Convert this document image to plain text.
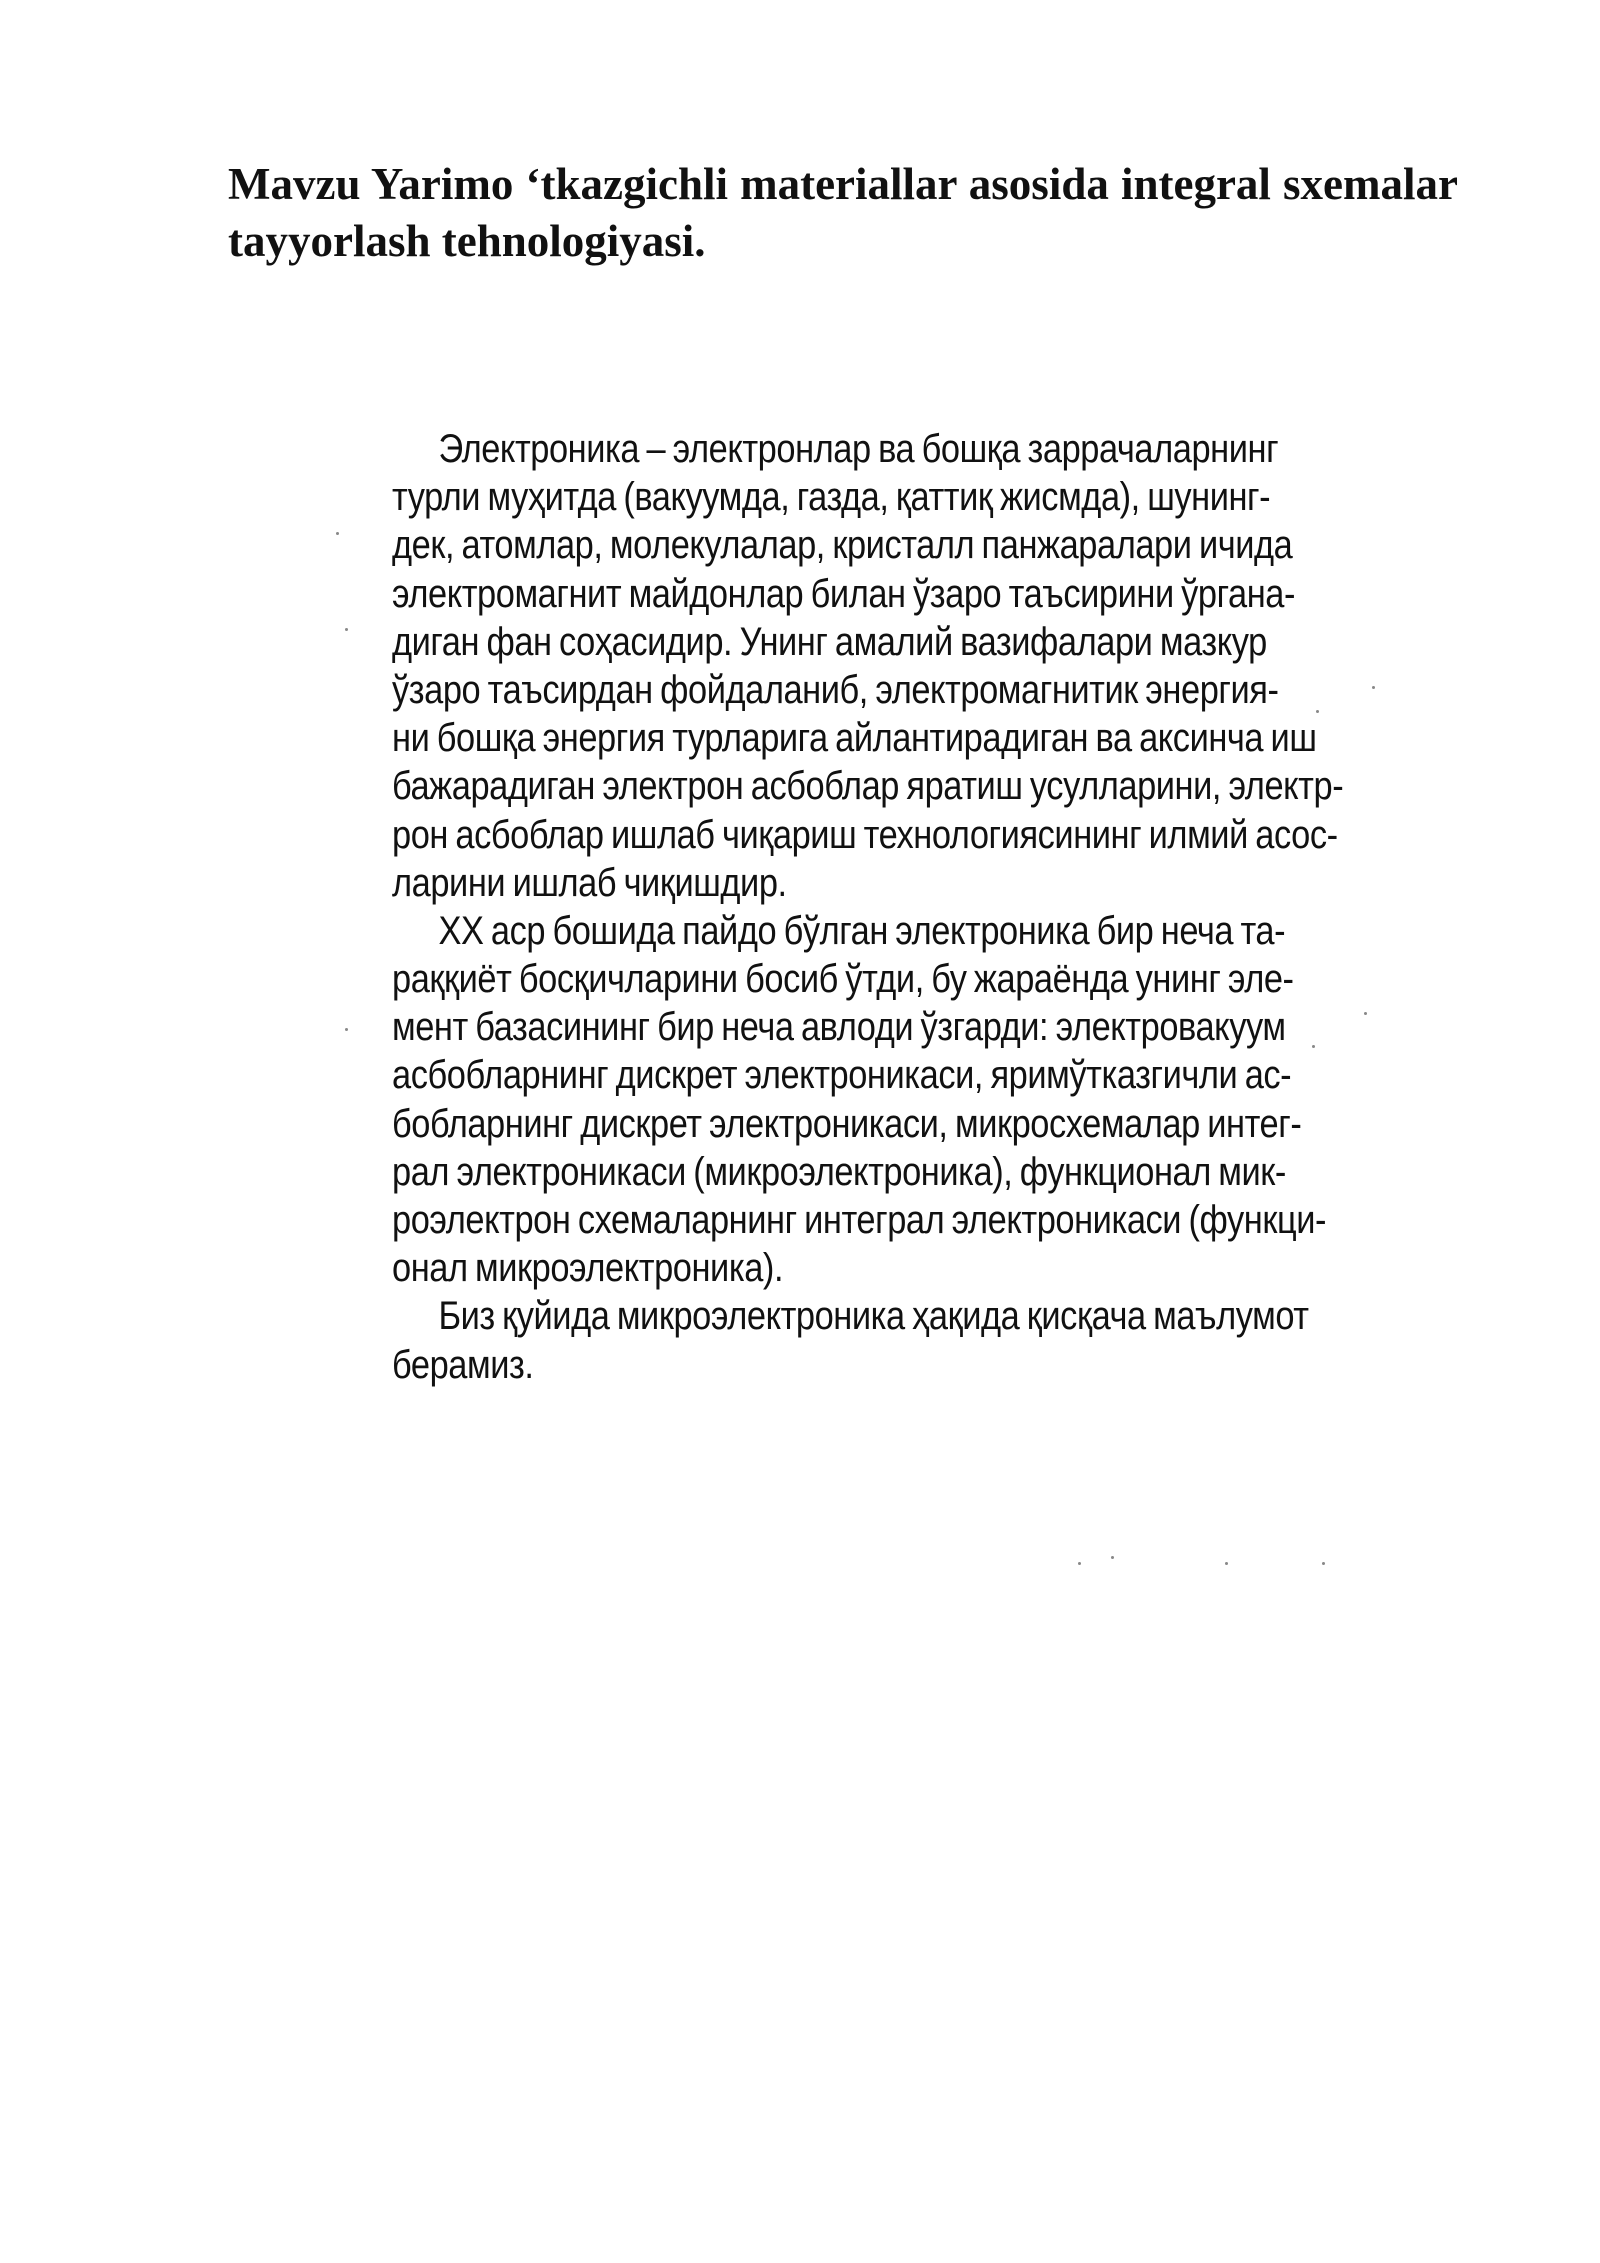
Mavzu Yarimo ‘tkazgichli materiallar asosida integral sxemalar tayyorlash tehnologiyasi.
Электроника – электронлар ва бошқа заррачаларнинг
турли муҳитда (вакуумда, газда, қаттиқ жисмда), шунинг-
дек, атомлар, молекулалар, кристалл панжаралари ичида
электромагнит майдонлар билан ўзаро таъсирини ўргана-
диган фан соҳасидир. Унинг амалий вазифалари мазкур
ўзаро таъсирдан фойдаланиб, электромагнитик энергия-
ни бошқа энергия турларига айлантирадиган ва аксинча иш
бажарадиган электрон асбоблар яратиш усулларини, электр-
рон асбоблар ишлаб чиқариш технологиясининг илмий асос-
ларини ишлаб чиқишдир.
XX аср бошида пайдо бўлган электроника бир неча та-
раққиёт босқичларини босиб ўтди, бу жараёнда унинг эле-
мент базасининг бир неча авлоди ўзгарди: электровакуум
асбобларнинг дискрет электроникаси, яримўтказгичли ас-
бобларнинг дискрет электроникаси, микросхемалар интег-
рал электроникаси (микроэлектроника), функционал мик-
роэлектрон схемаларнинг интеграл электроникаси (функци-
онал микроэлектроника).
Биз қуйида микроэлектроника ҳақида қисқача маълумот
берамиз.
